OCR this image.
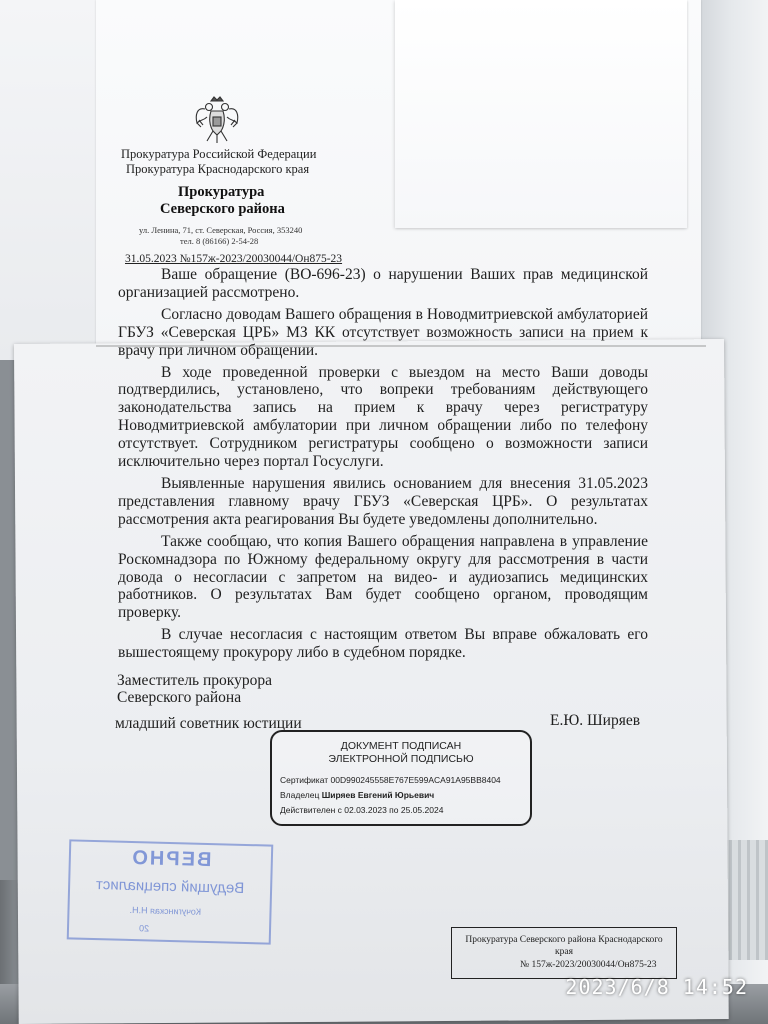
Прокуратура Российской Федерации
Прокуратура Краснодарского края
Прокуратура
Северского района
ул. Ленина, 71, ст. Северская, Россия, 353240
тел. 8 (86166) 2-54-28
31.05.2023 №157ж-2023/20030044/Он875-23

Ваше обращение (ВО-696-23) о нарушении Ваших прав медицинской организацией рассмотрено.

Согласно доводам Вашего обращения в Новодмитриевской амбулаторией ГБУЗ «Северская ЦРБ» МЗ КК отсутствует возможность записи на прием к врачу при личном обращении.

В ходе проведенной проверки с выездом на место Ваши доводы подтвердились, установлено, что вопреки требованиям действующего законодательства запись на прием к врачу через регистратуру Новодмитриевской амбулатории при личном обращении либо по телефону отсутствует. Сотрудником регистратуры сообщено о возможности записи исключительно через портал Госуслуги.

Выявленные нарушения явились основанием для внесения 31.05.2023 представления главному врачу ГБУЗ «Северская ЦРБ». О результатах рассмотрения акта реагирования Вы будете уведомлены дополнительно.

Также сообщаю, что копия Вашего обращения направлена в управление Роскомнадзора по Южному федеральному округу для рассмотрения в части довода о несогласии с запретом на видео- и аудиозапись медицинских работников. О результатах Вам будет сообщено органом, проводящим проверку.

В случае несогласия с настоящим ответом Вы вправе обжаловать его вышестоящему прокурору либо в судебном порядке.

Заместитель прокурора
Северского района
младший советник юстиции	Е.Ю. Ширяев
ДОКУМЕНТ ПОДПИСАН
ЭЛЕКТРОННОЙ ПОДПИСЬЮ
Сертификат 00D990245558E767E599ACA91A95BB8404
Владелец Ширяев Евгений Юрьевич
Действителен с 02.03.2023 по 25.05.2024
ВЕРНО
Ведущий специалист
Кочугинская Н.Н.
20
Прокуратура Северского района Краснодарского края
№ 157ж-2023/20030044/Он875-23
2023/6/8 14:52
